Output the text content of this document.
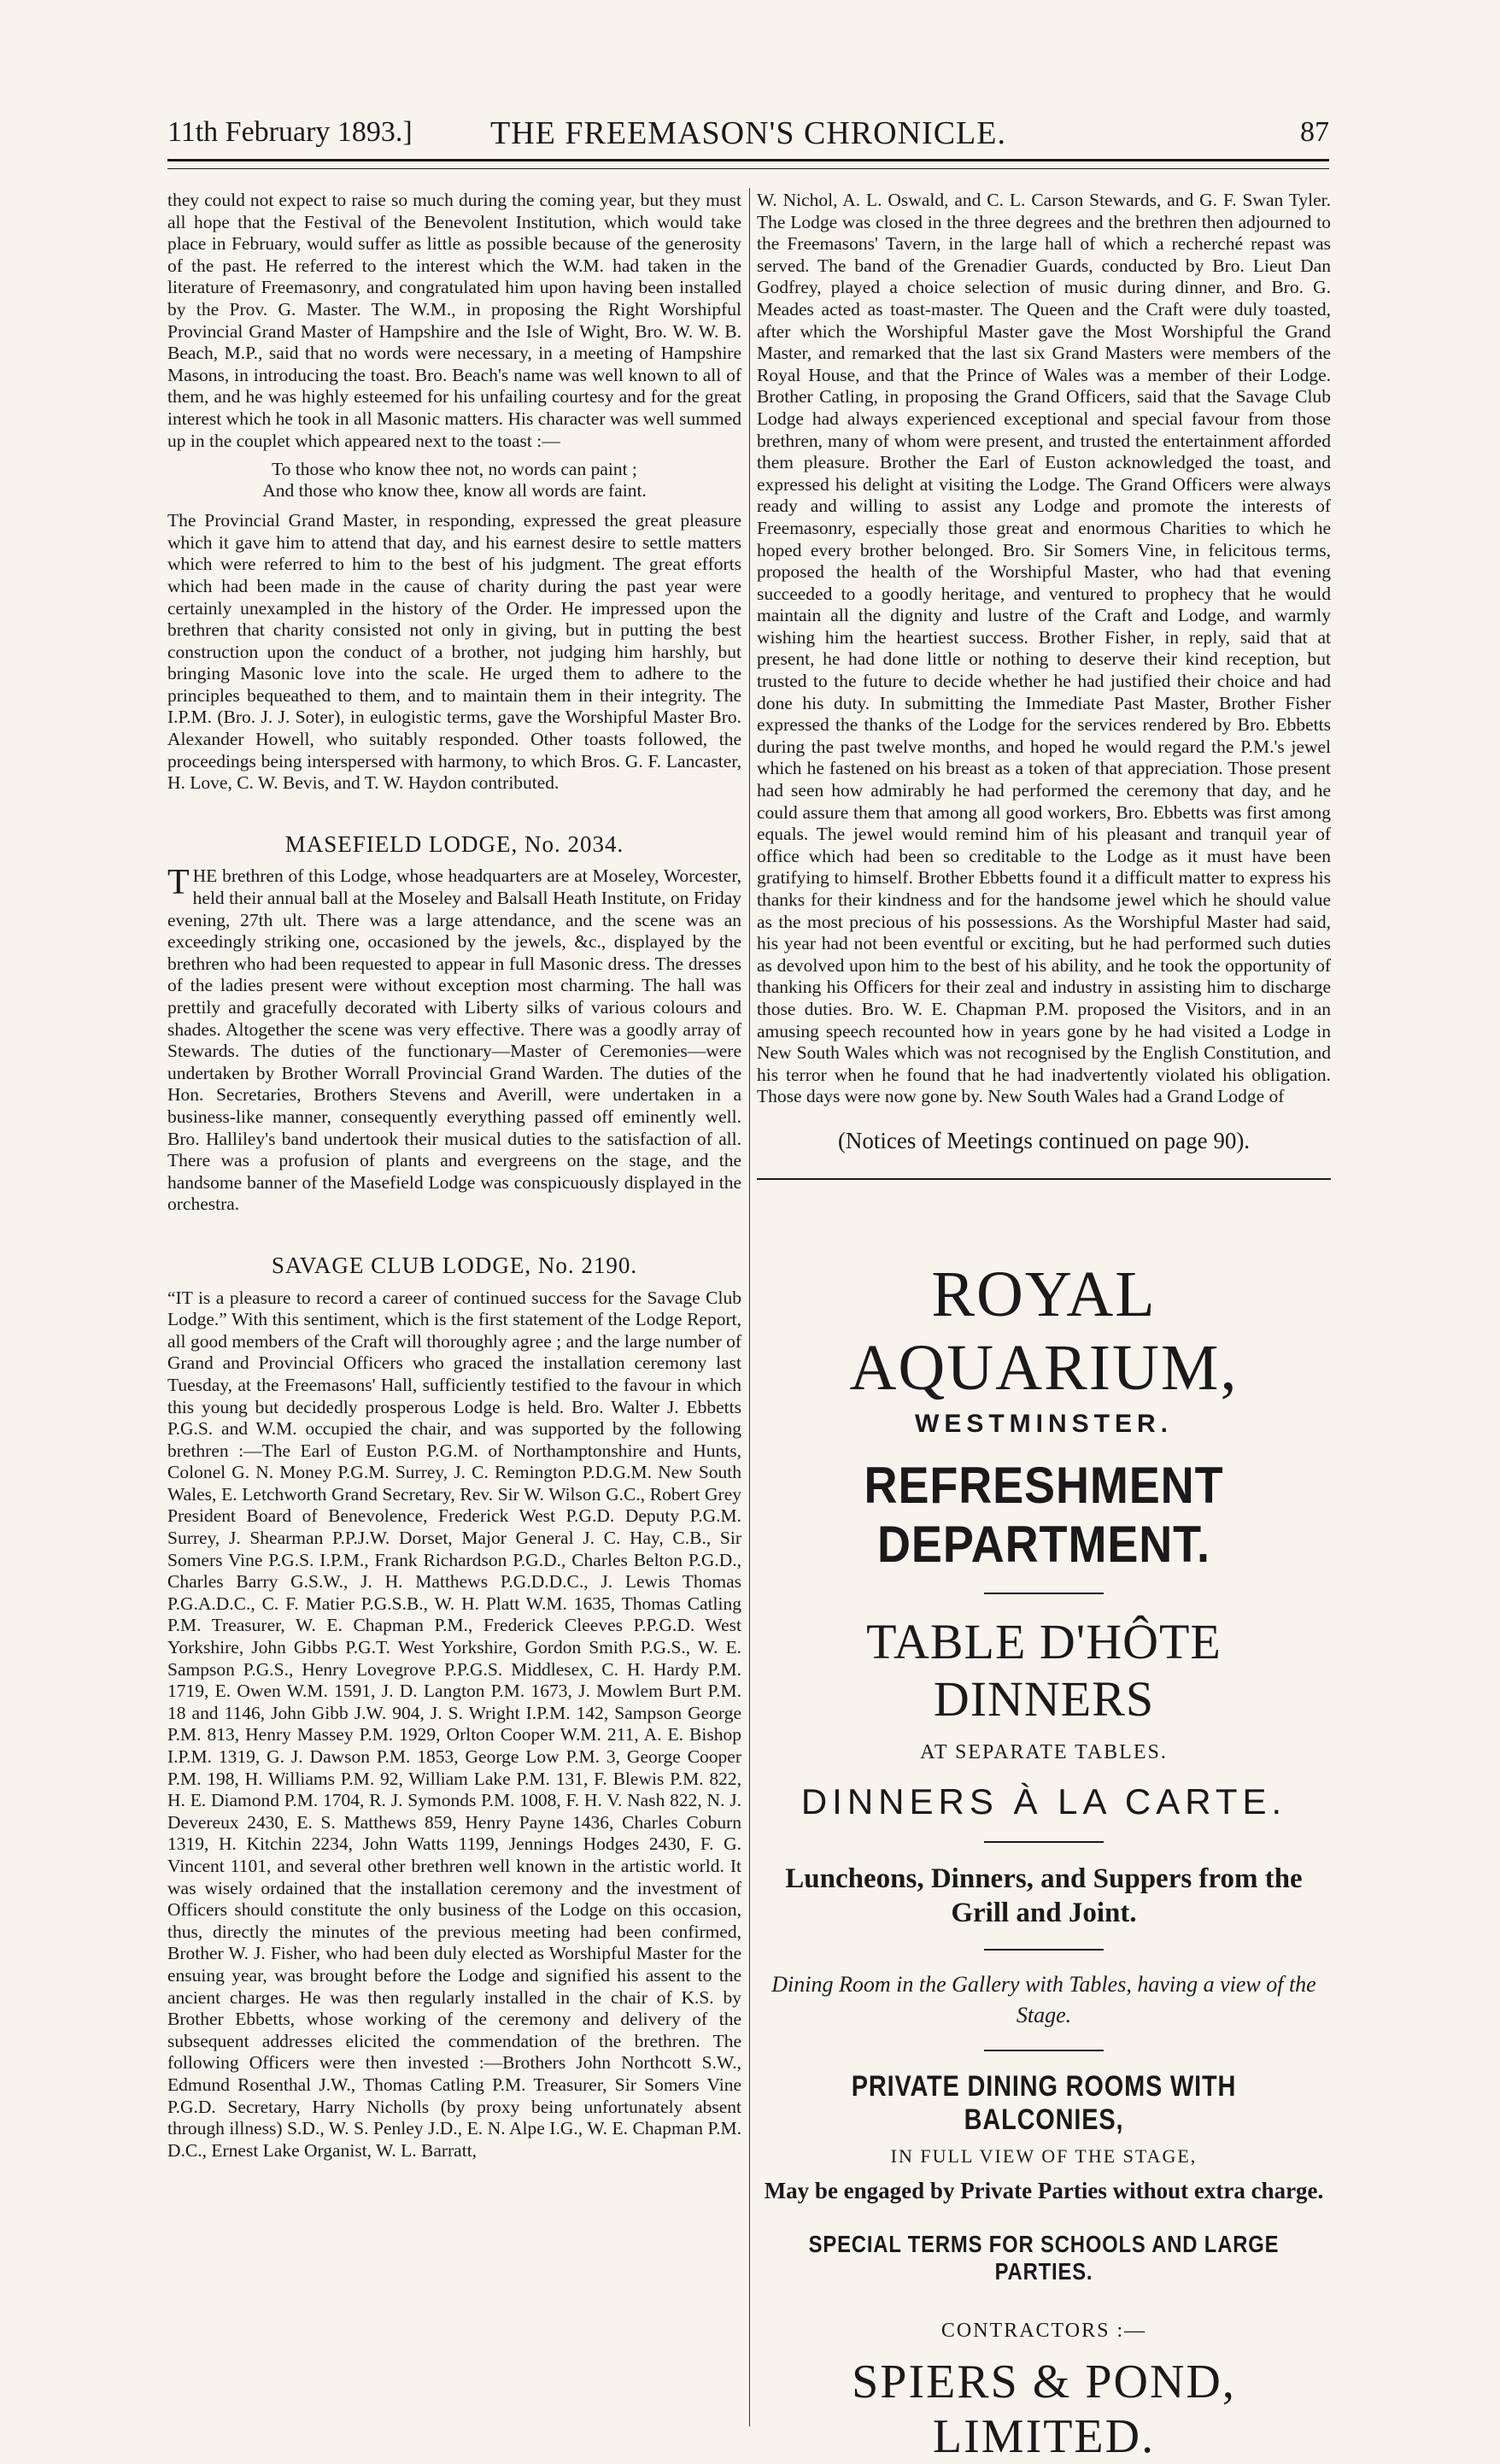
11th February 1893.]	THE FREEMASON'S CHRONICLE.	87

they could not expect to raise so much during the coming year, but they must all hope that the Festival of the Benevolent Institution, which would take place in February, would suffer as little as possible because of the generosity of the past. He referred to the interest which the W.M. had taken in the literature of Freemasonry, and congratulated him upon having been installed by the Prov. G. Master. The W.M., in proposing the Right Worshipful Provincial Grand Master of Hampshire and the Isle of Wight, Bro. W. W. B. Beach, M.P., said that no words were necessary, in a meeting of Hampshire Masons, in introducing the toast. Bro. Beach's name was well known to all of them, and he was highly esteemed for his unfailing courtesy and for the great interest which he took in all Masonic matters. His character was well summed up in the couplet which appeared next to the toast :—

To those who know thee not, no words can paint ;
And those who know thee, know all words are faint.

The Provincial Grand Master, in responding, expressed the great pleasure which it gave him to attend that day, and his earnest desire to settle matters which were referred to him to the best of his judgment. The great efforts which had been made in the cause of charity during the past year were certainly unexampled in the history of the Order. He impressed upon the brethren that charity consisted not only in giving, but in putting the best construction upon the conduct of a brother, not judging him harshly, but bringing Masonic love into the scale. He urged them to adhere to the principles bequeathed to them, and to maintain them in their integrity. The I.P.M. (Bro. J. J. Soter), in eulogistic terms, gave the Worshipful Master Bro. Alexander Howell, who suitably responded. Other toasts followed, the proceedings being interspersed with harmony, to which Bros. G. F. Lancaster, H. Love, C. W. Bevis, and T. W. Haydon contributed.

MASEFIELD LODGE, No. 2034.

THE brethren of this Lodge, whose headquarters are at Moseley, Worcester, held their annual ball at the Moseley and Balsall Heath Institute, on Friday evening, 27th ult. There was a large attendance, and the scene was an exceedingly striking one, occasioned by the jewels, &c., displayed by the brethren who had been requested to appear in full Masonic dress. The dresses of the ladies present were without exception most charming. The hall was prettily and gracefully decorated with Liberty silks of various colours and shades. Altogether the scene was very effective. There was a goodly array of Stewards. The duties of the functionary—Master of Ceremonies—were undertaken by Brother Worrall Provincial Grand Warden. The duties of the Hon. Secretaries, Brothers Stevens and Averill, were undertaken in a business-like manner, consequently everything passed off eminently well. Bro. Halliley's band undertook their musical duties to the satisfaction of all. There was a profusion of plants and evergreens on the stage, and the handsome banner of the Masefield Lodge was conspicuously displayed in the orchestra.

SAVAGE CLUB LODGE, No. 2190.

“IT is a pleasure to record a career of continued success for the Savage Club Lodge.” With this sentiment, which is the first statement of the Lodge Report, all good members of the Craft will thoroughly agree ; and the large number of Grand and Provincial Officers who graced the installation ceremony last Tuesday, at the Freemasons' Hall, sufficiently testified to the favour in which this young but decidedly prosperous Lodge is held. Bro. Walter J. Ebbetts P.G.S. and W.M. occupied the chair, and was supported by the following brethren :—The Earl of Euston P.G.M. of Northamptonshire and Hunts, Colonel G. N. Money P.G.M. Surrey, J. C. Remington P.D.G.M. New South Wales, E. Letchworth Grand Secretary, Rev. Sir W. Wilson G.C., Robert Grey President Board of Benevolence, Frederick West P.G.D. Deputy P.G.M. Surrey, J. Shearman P.P.J.W. Dorset, Major General J. C. Hay, C.B., Sir Somers Vine P.G.S. I.P.M., Frank Richardson P.G.D., Charles Belton P.G.D., Charles Barry G.S.W., J. H. Matthews P.G.D.D.C., J. Lewis Thomas P.G.A.D.C., C. F. Matier P.G.S.B., W. H. Platt W.M. 1635, Thomas Catling P.M. Treasurer, W. E. Chapman P.M., Frederick Cleeves P.P.G.D. West Yorkshire, John Gibbs P.G.T. West Yorkshire, Gordon Smith P.G.S., W. E. Sampson P.G.S., Henry Lovegrove P.P.G.S. Middlesex, C. H. Hardy P.M. 1719, E. Owen W.M. 1591, J. D. Langton P.M. 1673, J. Mowlem Burt P.M. 18 and 1146, John Gibb J.W. 904, J. S. Wright I.P.M. 142, Sampson George P.M. 813, Henry Massey P.M. 1929, Orlton Cooper W.M. 211, A. E. Bishop I.P.M. 1319, G. J. Dawson P.M. 1853, George Low P.M. 3, George Cooper P.M. 198, H. Williams P.M. 92, William Lake P.M. 131, F. Blewis P.M. 822, H. E. Diamond P.M. 1704, R. J. Symonds P.M. 1008, F. H. V. Nash 822, N. J. Devereux 2430, E. S. Matthews 859, Henry Payne 1436, Charles Coburn 1319, H. Kitchin 2234, John Watts 1199, Jennings Hodges 2430, F. G. Vincent 1101, and several other brethren well known in the artistic world. It was wisely ordained that the installation ceremony and the investment of Officers should constitute the only business of the Lodge on this occasion, thus, directly the minutes of the previous meeting had been confirmed, Brother W. J. Fisher, who had been duly elected as Worshipful Master for the ensuing year, was brought before the Lodge and signified his assent to the ancient charges. He was then regularly installed in the chair of K.S. by Brother Ebbetts, whose working of the ceremony and delivery of the subsequent addresses elicited the commendation of the brethren. The following Officers were then invested :—Brothers John Northcott S.W., Edmund Rosenthal J.W., Thomas Catling P.M. Treasurer, Sir Somers Vine P.G.D. Secretary, Harry Nicholls (by proxy being unfortunately absent through illness) S.D., W. S. Penley J.D., E. N. Alpe I.G., W. E. Chapman P.M. D.C., Ernest Lake Organist, W. L. Barratt,

W. Nichol, A. L. Oswald, and C. L. Carson Stewards, and G. F. Swan Tyler. The Lodge was closed in the three degrees and the brethren then adjourned to the Freemasons' Tavern, in the large hall of which a recherché repast was served. The band of the Grenadier Guards, conducted by Bro. Lieut Dan Godfrey, played a choice selection of music during dinner, and Bro. G. Meades acted as toast-master. The Queen and the Craft were duly toasted, after which the Worshipful Master gave the Most Worshipful the Grand Master, and remarked that the last six Grand Masters were members of the Royal House, and that the Prince of Wales was a member of their Lodge. Brother Catling, in proposing the Grand Officers, said that the Savage Club Lodge had always experienced exceptional and special favour from those brethren, many of whom were present, and trusted the entertainment afforded them pleasure. Brother the Earl of Euston acknowledged the toast, and expressed his delight at visiting the Lodge. The Grand Officers were always ready and willing to assist any Lodge and promote the interests of Freemasonry, especially those great and enormous Charities to which he hoped every brother belonged. Bro. Sir Somers Vine, in felicitous terms, proposed the health of the Worshipful Master, who had that evening succeeded to a goodly heritage, and ventured to prophecy that he would maintain all the dignity and lustre of the Craft and Lodge, and warmly wishing him the heartiest success. Brother Fisher, in reply, said that at present, he had done little or nothing to deserve their kind reception, but trusted to the future to decide whether he had justified their choice and had done his duty. In submitting the Immediate Past Master, Brother Fisher expressed the thanks of the Lodge for the services rendered by Bro. Ebbetts during the past twelve months, and hoped he would regard the P.M.'s jewel which he fastened on his breast as a token of that appreciation. Those present had seen how admirably he had performed the ceremony that day, and he could assure them that among all good workers, Bro. Ebbetts was first among equals. The jewel would remind him of his pleasant and tranquil year of office which had been so creditable to the Lodge as it must have been gratifying to himself. Brother Ebbetts found it a difficult matter to express his thanks for their kindness and for the handsome jewel which he should value as the most precious of his possessions. As the Worshipful Master had said, his year had not been eventful or exciting, but he had performed such duties as devolved upon him to the best of his ability, and he took the opportunity of thanking his Officers for their zeal and industry in assisting him to discharge those duties. Bro. W. E. Chapman P.M. proposed the Visitors, and in an amusing speech recounted how in years gone by he had visited a Lodge in New South Wales which was not recognised by the English Constitution, and his terror when he found that he had inadvertently violated his obligation. Those days were now gone by. New South Wales had a Grand Lodge of

(Notices of Meetings continued on page 90).
ROYAL AQUARIUM,
WESTMINSTER.
REFRESHMENT DEPARTMENT.
TABLE D'HÔTE DINNERS
AT SEPARATE TABLES.
DINNERS À LA CARTE.
Luncheons, Dinners, and Suppers from the Grill and Joint.
Dining Room in the Gallery with Tables, having a view of the Stage.
PRIVATE DINING ROOMS WITH BALCONIES,
IN FULL VIEW OF THE STAGE,
May be engaged by Private Parties without extra charge.
SPECIAL TERMS FOR SCHOOLS AND LARGE PARTIES.
CONTRACTORS :—
SPIERS & POND, LIMITED.
